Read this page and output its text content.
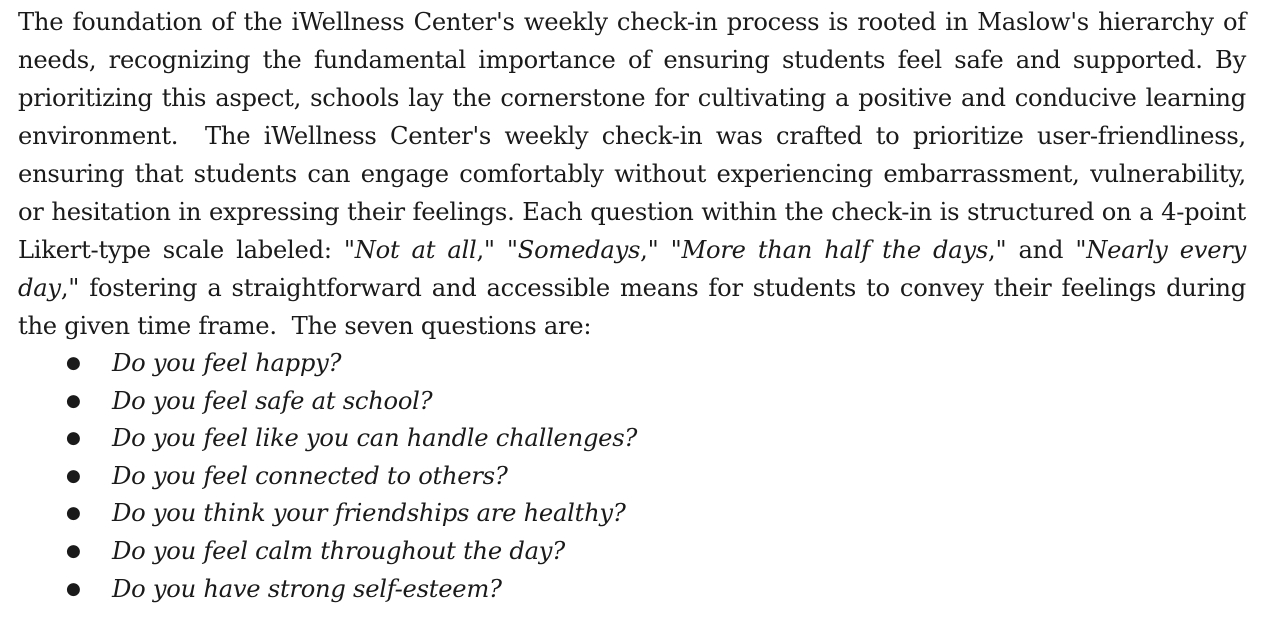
The foundation of the iWellness Center's weekly check-in process is rooted in Maslow's hierarchy of needs, recognizing the fundamental importance of ensuring students feel safe and supported. By prioritizing this aspect, schools lay the cornerstone for cultivating a positive and conducive learning environment.  The iWellness Center's weekly check-in was crafted to prioritize user-friendliness, ensuring that students can engage comfortably without experiencing embarrassment, vulnerability, or hesitation in expressing their feelings. Each question within the check-in is structured on a 4-point Likert-type scale labeled: "Not at all," "Somedays," "More than half the days," and "Nearly every day," fostering a straightforward and accessible means for students to convey their feelings during the given time frame.  The seven questions are:

● Do you feel happy?
● Do you feel safe at school?
● Do you feel like you can handle challenges?
● Do you feel connected to others?
● Do you think your friendships are healthy?
● Do you feel calm throughout the day?
● Do you have strong self-esteem?
